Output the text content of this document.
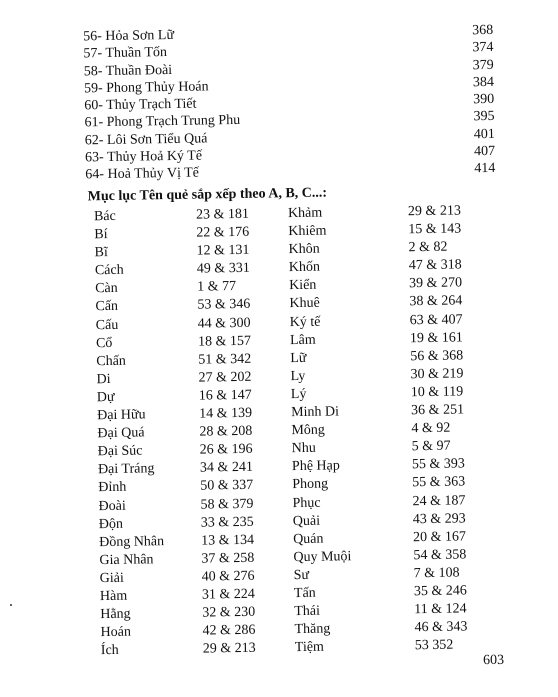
56- Hỏa Sơn Lữ	368
57- Thuần Tốn	374
58- Thuần Đoài	379
59- Phong Thủy Hoán	384
60- Thủy Trạch Tiết	390
61- Phong Trạch Trung Phu	395
62- Lôi Sơn Tiểu Quá	401
63- Thủy Hoả Ký Tế	407
64- Hoả Thủy Vị Tế	414
Mục lục Tên quẻ sắp xếp theo A, B, C...:
Bác	23 & 181	Khảm	29 & 213
Bí	22 & 176	Khiêm	15 & 143
Bĩ	12 & 131	Khôn	2 & 82
Cách	49 & 331	Khốn	47 & 318
Càn	1 & 77	Kiển	39 & 270
Cấn	53 & 346	Khuê	38 & 264
Cấu	44 & 300	Ký tế	63 & 407
Cổ	18 & 157	Lâm	19 & 161
Chấn	51 & 342	Lữ	56 & 368
Di	27 & 202	Ly	30 & 219
Dự	16 & 147	Lý	10 & 119
Đại Hữu	14 & 139	Minh Di	36 & 251
Đại Quá	28 & 208	Mông	4 & 92
Đại Súc	26 & 196	Nhu	5 & 97
Đại Tráng	34 & 241	Phệ Hạp	55 & 393
Đỉnh	50 & 337	Phong	55 & 363
Đoài	58 & 379	Phục	24 & 187
Độn	33 & 235	Quải	43 & 293
Đồng Nhân	13 & 134	Quán	20 & 167
Gia Nhân	37 & 258	Quy Muội	54 & 358
Giải	40 & 276	Sư	7 & 108
Hàm	31 & 224	Tấn	35 & 246
Hằng	32 & 230	Thái	11 & 124
Hoán	42 & 286	Thăng	46 & 343
Ích	29 & 213	Tiệm	53 352
603
